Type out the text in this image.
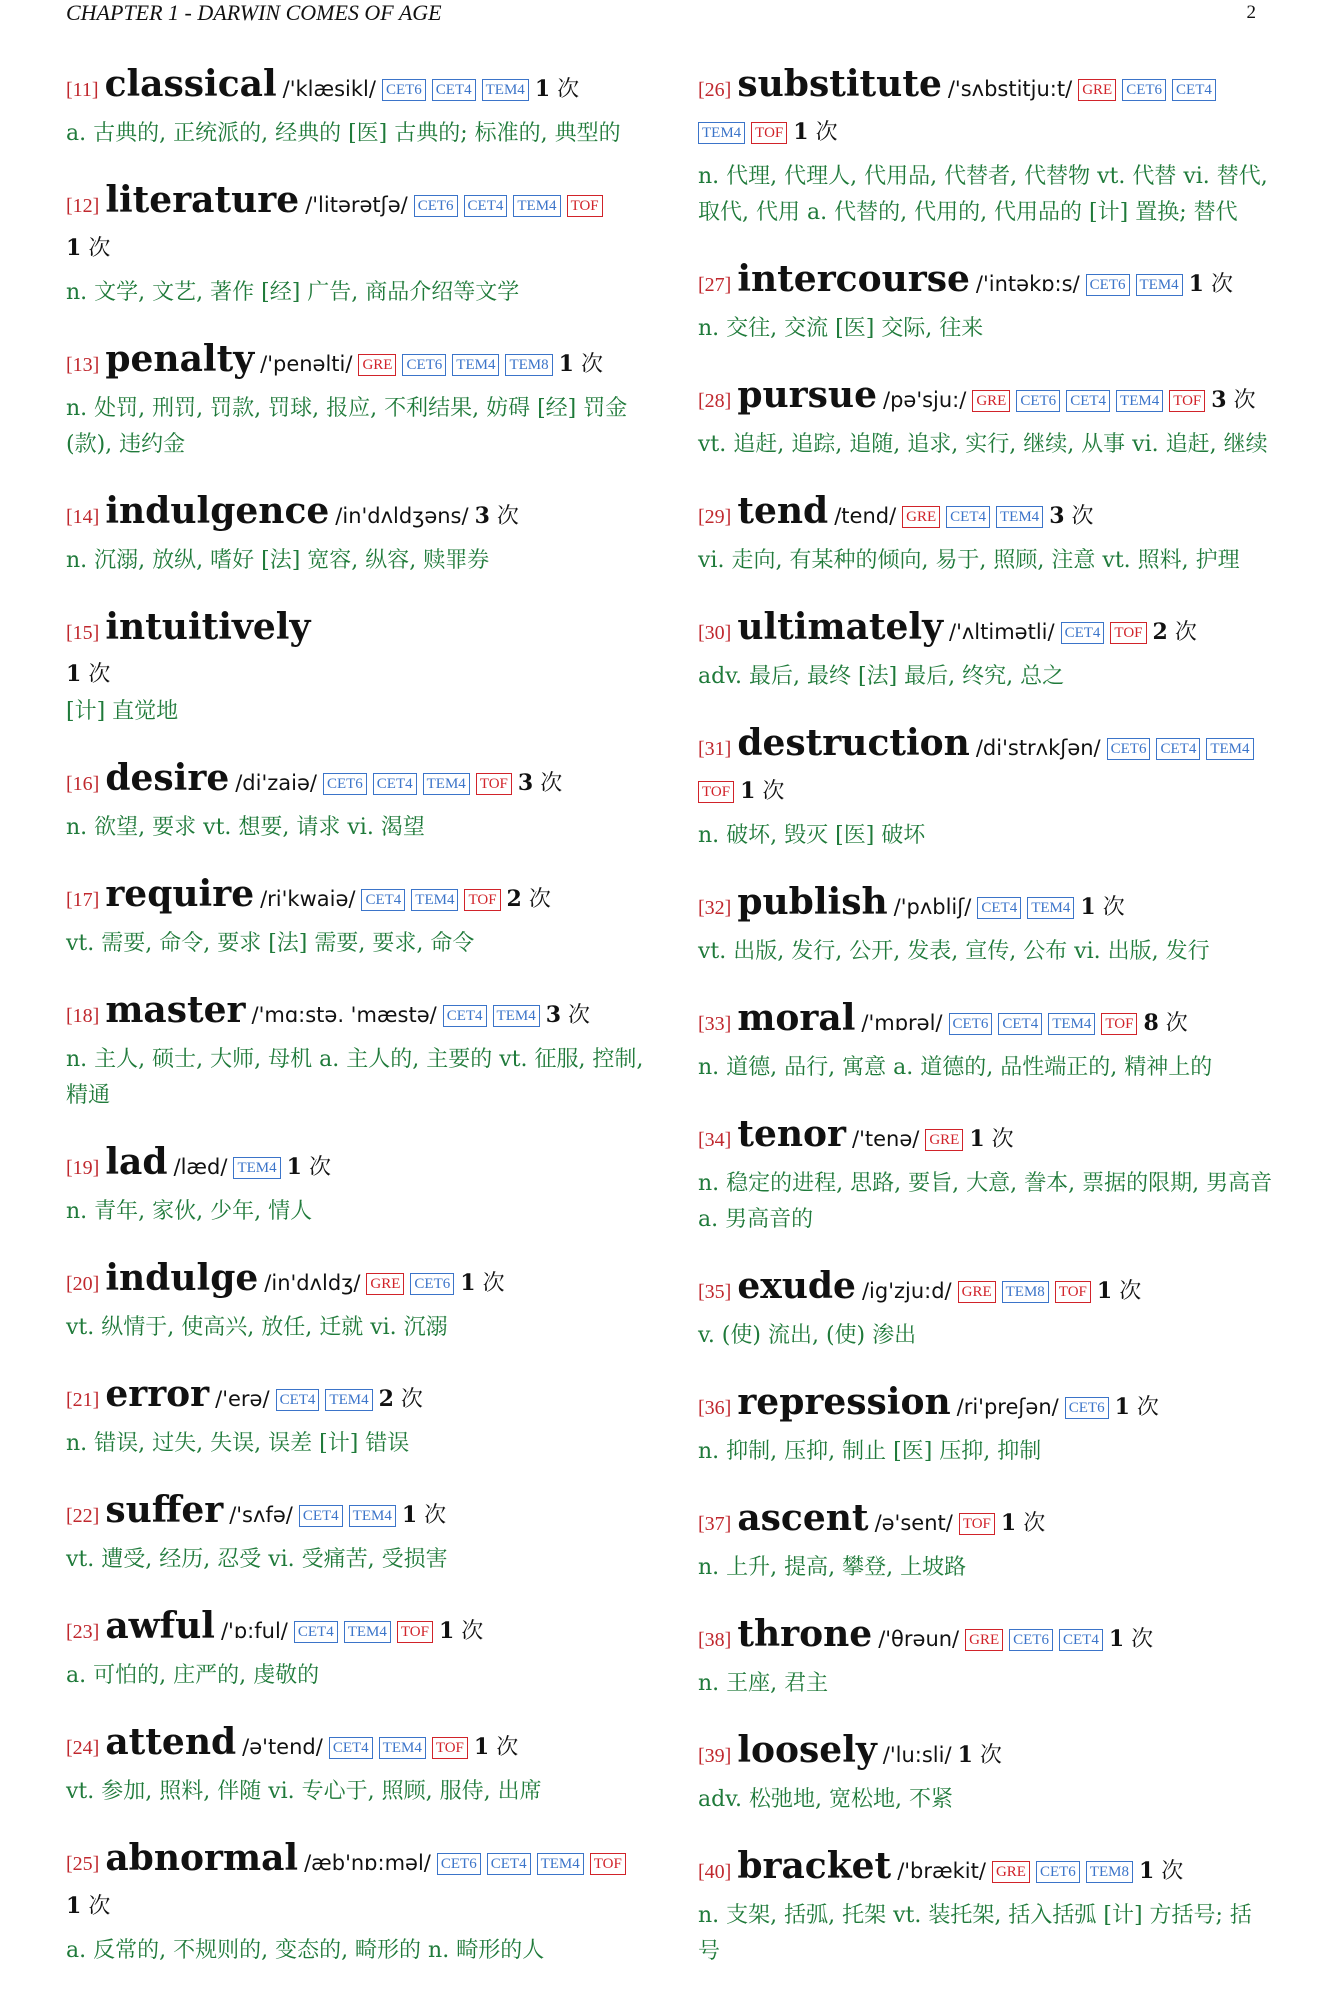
CHAPTER 1 - DARWIN COMES OF AGE	2
[11] classical /'klæsikl/ CET6 CET4 TEM4 1 次
a. 古典的, 正统派的, 经典的 [医] 古典的; 标准的, 典型的
[12] literature /'litərətʃə/ CET6 CET4 TEM4 TOF1 次
n. 文学, 文艺, 著作 [经] 广告, 商品介绍等文学
[13] penalty /'penəlti/ GRE CET6 TEM4 TEM8 1 次
n. 处罚, 刑罚, 罚款, 罚球, 报应, 不利结果, 妨碍 [经] 罚金 (款), 违约金
[14] indulgence /in'dʌldʒəns/ 3 次
n. 沉溺, 放纵, 嗜好 [法] 宽容, 纵容, 赎罪券
[15] intuitively
1 次
[计] 直觉地
[16] desire /di'zaiə/ CET6 CET4 TEM4 TOF 3 次
n. 欲望, 要求 vt. 想要, 请求 vi. 渴望
[17] require /ri'kwaiə/ CET4 TEM4 TOF 2 次
vt. 需要, 命令, 要求 [法] 需要, 要求, 命令
[18] master /'mɑ:stə. 'mæstə/ CET4 TEM4 3 次
n. 主人, 硕士, 大师, 母机 a. 主人的, 主要的 vt. 征服, 控制, 精通
[19] lad /læd/ TEM4 1 次
n. 青年, 家伙, 少年, 情人
[20] indulge /in'dʌldʒ/ GRE CET6 1 次
vt. 纵情于, 使高兴, 放任, 迁就 vi. 沉溺
[21] error /'erə/ CET4 TEM4 2 次
n. 错误, 过失, 失误, 误差 [计] 错误
[22] suffer /'sʌfə/ CET4 TEM4 1 次
vt. 遭受, 经历, 忍受 vi. 受痛苦, 受损害
[23] awful /'ɒ:ful/ CET4 TEM4 TOF 1 次
a. 可怕的, 庄严的, 虔敬的
[24] attend /ə'tend/ CET4 TEM4 TOF 1 次
vt. 参加, 照料, 伴随 vi. 专心于, 照顾, 服侍, 出席
[25] abnormal /æb'nɒ:məl/ CET6 CET4 TEM4 TOF1 次
a. 反常的, 不规则的, 变态的, 畸形的 n. 畸形的人
[26] substitute /'sʌbstitju:t/ GRE CET6 CET4TEM4 TOF 1 次
n. 代理, 代理人, 代用品, 代替者, 代替物 vt. 代替 vi. 替代, 取代, 代用 a. 代替的, 代用的, 代用品的 [计] 置换; 替代
[27] intercourse /'intəkɒ:s/ CET6 TEM4 1 次
n. 交往, 交流 [医] 交际, 往来
[28] pursue /pə'sju:/ GRE CET6 CET4 TEM4 TOF 3 次
vt. 追赶, 追踪, 追随, 追求, 实行, 继续, 从事 vi. 追赶, 继续
[29] tend /tend/ GRE CET4 TEM4 3 次
vi. 走向, 有某种的倾向, 易于, 照顾, 注意 vt. 照料, 护理
[30] ultimately /'ʌltimətli/ CET4 TOF 2 次
adv. 最后, 最终 [法] 最后, 终究, 总之
[31] destruction /di'strʌkʃən/ CET6 CET4 TEM4TOF 1 次
n. 破坏, 毁灭 [医] 破坏
[32] publish /'pʌbliʃ/ CET4 TEM4 1 次
vt. 出版, 发行, 公开, 发表, 宣传, 公布 vi. 出版, 发行
[33] moral /'mɒrəl/ CET6 CET4 TEM4 TOF 8 次
n. 道德, 品行, 寓意 a. 道德的, 品性端正的, 精神上的
[34] tenor /'tenə/ GRE 1 次
n. 稳定的进程, 思路, 要旨, 大意, 誊本, 票据的限期, 男高音 a. 男高音的
[35] exude /ig'zju:d/ GRE TEM8 TOF 1 次
v. (使) 流出, (使) 渗出
[36] repression /ri'preʃən/ CET6 1 次
n. 抑制, 压抑, 制止 [医] 压抑, 抑制
[37] ascent /ə'sent/ TOF 1 次
n. 上升, 提高, 攀登, 上坡路
[38] throne /'θrəun/ GRE CET6 CET4 1 次
n. 王座, 君主
[39] loosely /'lu:sli/ 1 次
adv. 松弛地, 宽松地, 不紧
[40] bracket /'brækit/ GRE CET6 TEM8 1 次
n. 支架, 括弧, 托架 vt. 装托架, 括入括弧 [计] 方括号; 括号
